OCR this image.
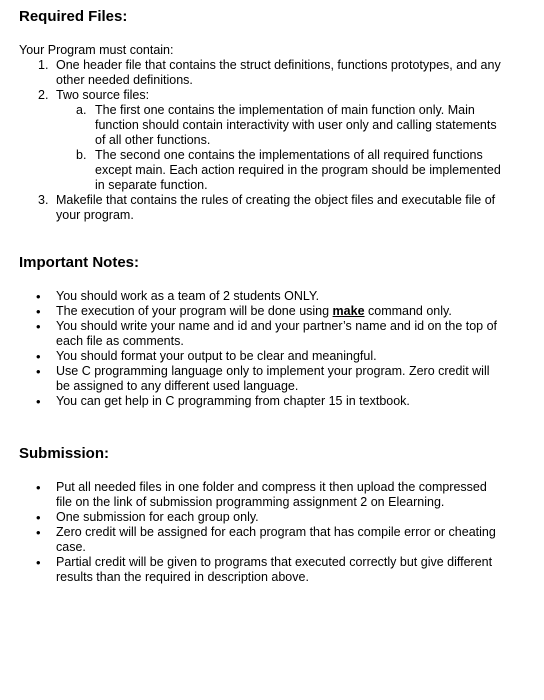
Required Files:
Your Program must contain:
1. One header file that contains the struct definitions, functions prototypes, and any
other needed definitions.
2. Two source files:
a. The first one contains the implementation of main function only. Main
function should contain interactivity with user only and calling statements
of all other functions.
b. The second one contains the implementations of all required functions
except main. Each action required in the program should be implemented
in separate function.
3. Makefile that contains the rules of creating the object files and executable file of
your program.
Important Notes:
• You should work as a team of 2 students ONLY.
• The execution of your program will be done using make command only.
• You should write your name and id and your partner’s name and id on the top of
each file as comments.
• You should format your output to be clear and meaningful.
• Use C programming language only to implement your program. Zero credit will
be assigned to any different used language.
• You can get help in C programming from chapter 15 in textbook.
Submission:
• Put all needed files in one folder and compress it then upload the compressed
file on the link of submission programming assignment 2 on Elearning.
• One submission for each group only.
• Zero credit will be assigned for each program that has compile error or cheating
case.
• Partial credit will be given to programs that executed correctly but give different
results than the required in description above.
